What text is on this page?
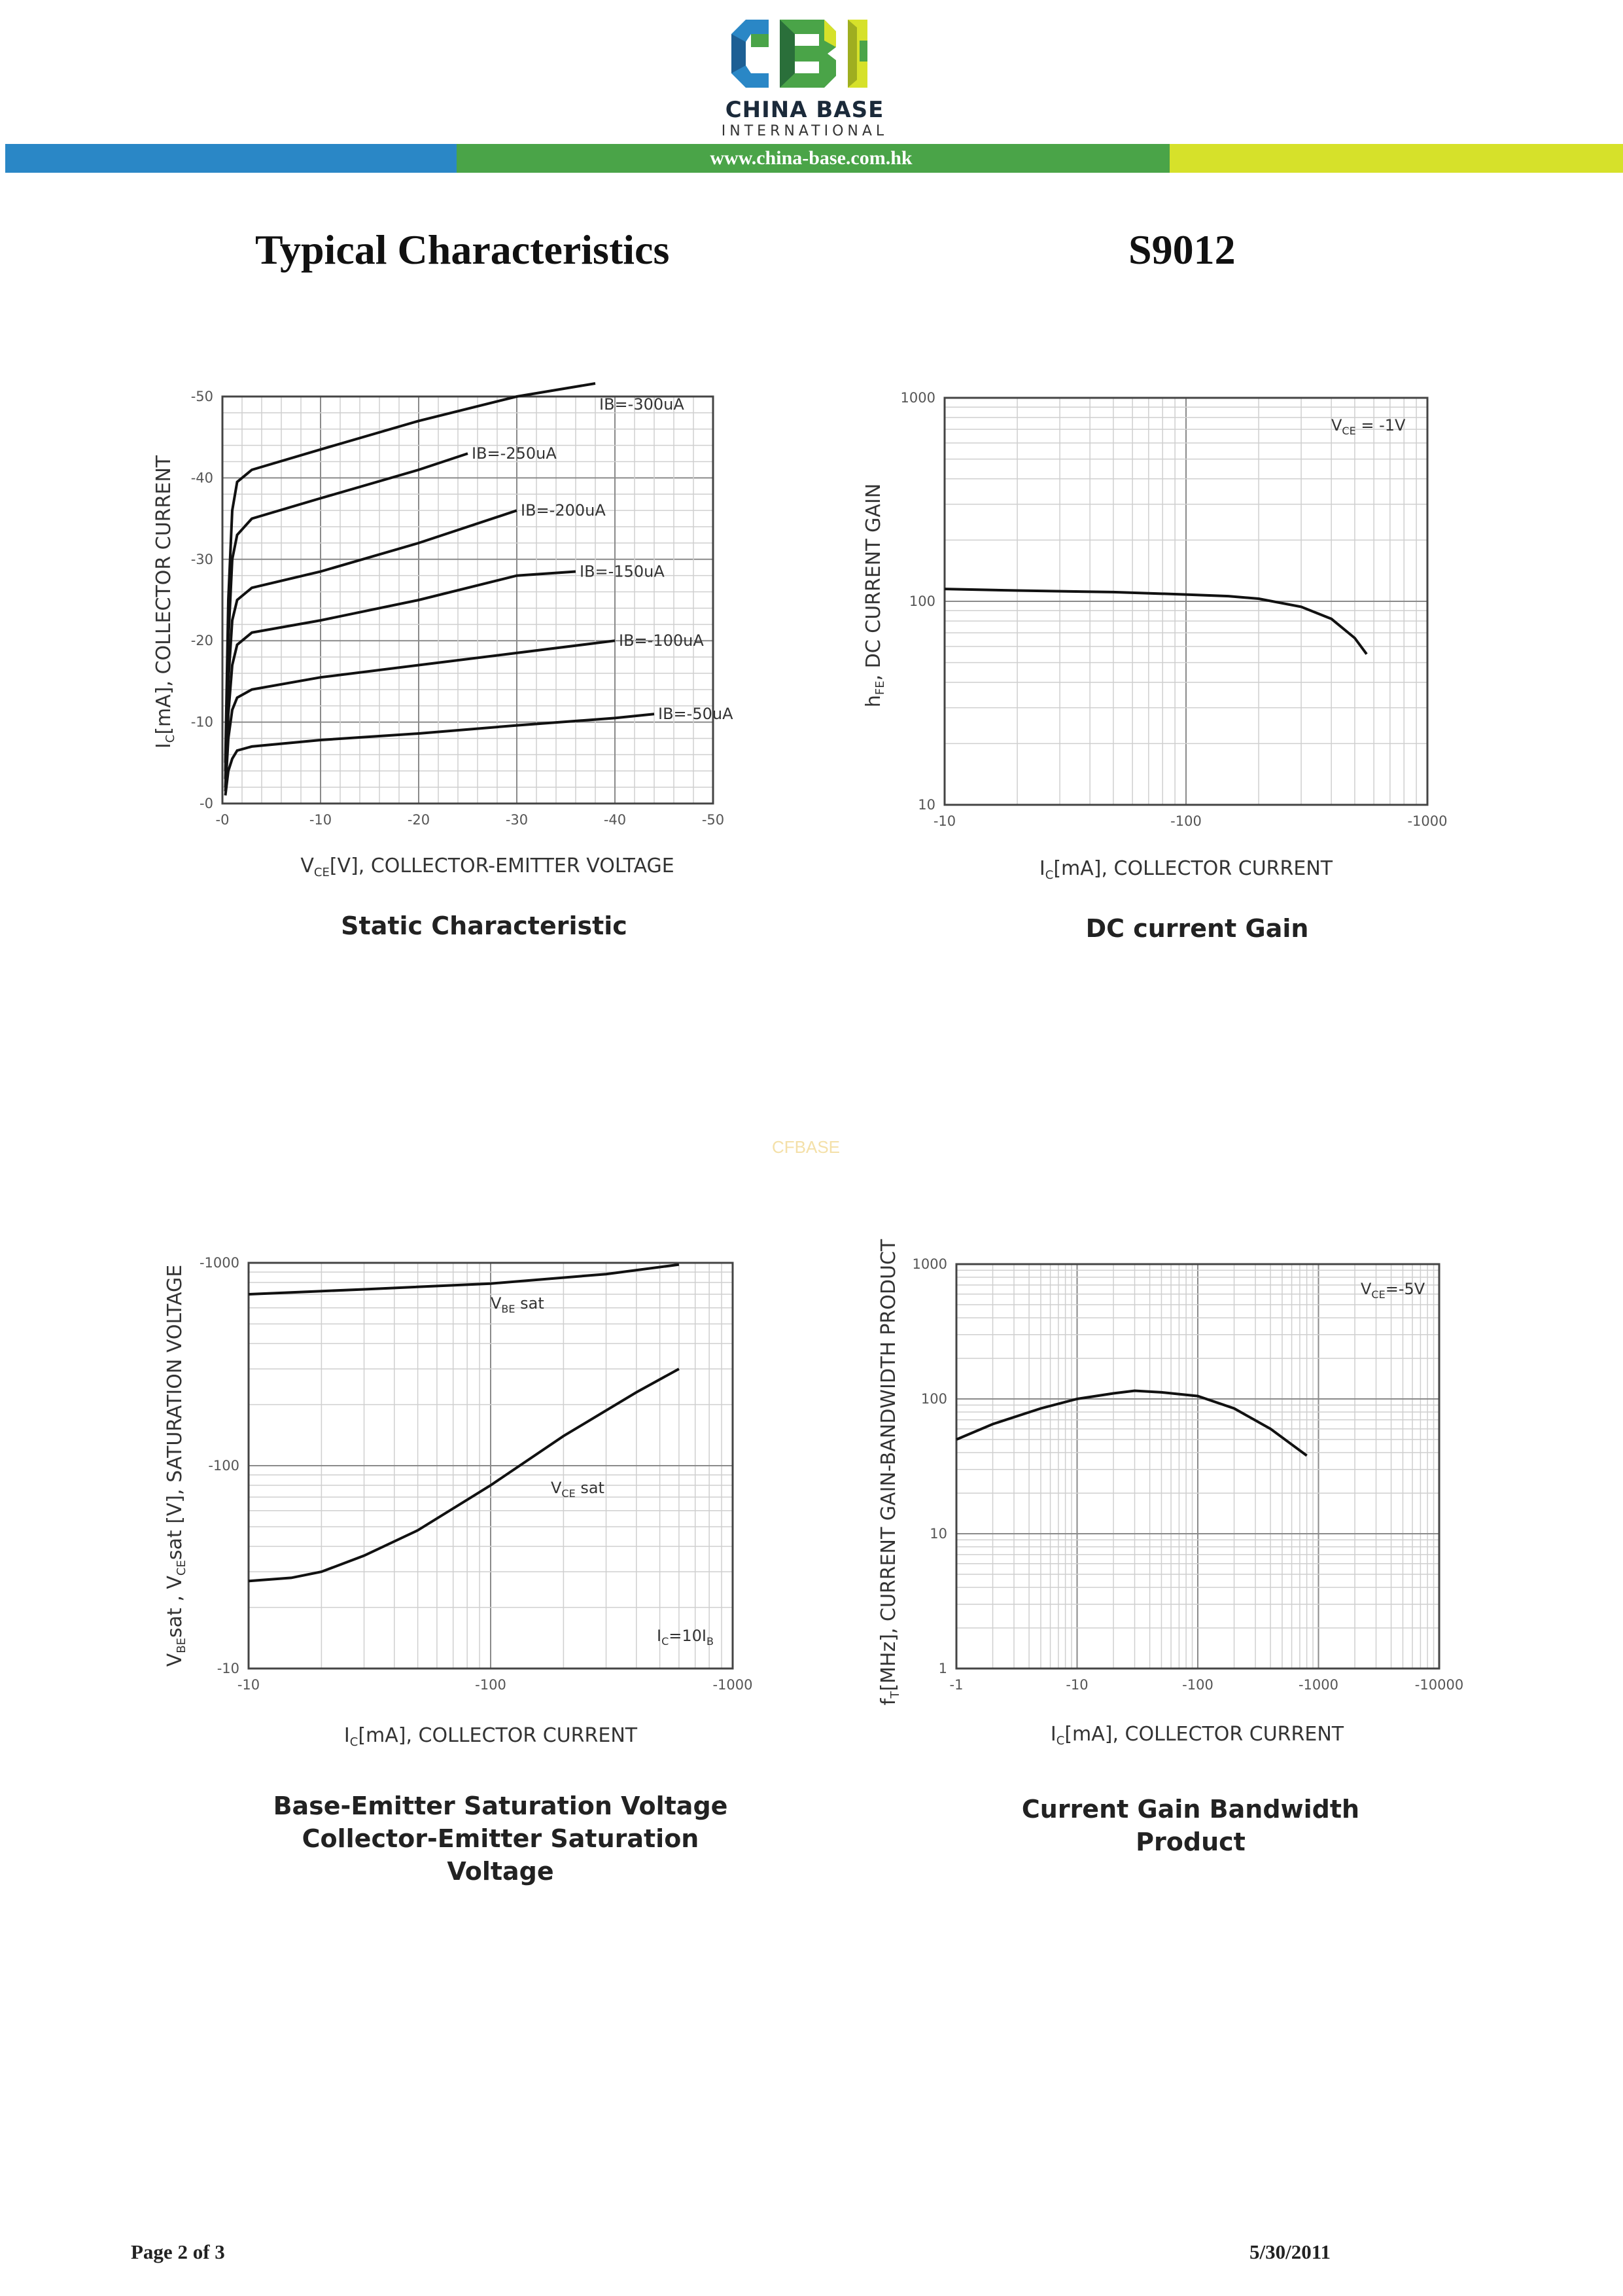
CHINA BASE
INTERNATIONAL
www.china-base.com.hk
Typical Characteristics	S9012
IB=-300uA
IB=-250uA
IB=-200uA
IB=-150uA
IB=-100uA
IB=-50uA
-0	-10	-20	-30	-40	-50
-0
-10
-20
-30
-40
-50
$V_{CE}[V]$, COLLECTOR-EMITTER VOLTAGE
$I_C[mA]$, COLLECTOR CURRENT
Static Characteristic
-10	-100	-1000
10
100
1000
$V_{CE} = -1V$
$I_C[mA]$, COLLECTOR CURRENT
$h_{FE}$, DC CURRENT GAIN
DC current Gain
CFBASE
-10	-100	-1000
-10
-100
-1000
$V_{BE}$ sat
$V_{CE}$ sat
$I_C=10I_B$
$I_C[mA]$, COLLECTOR CURRENT
$V_{BE}sat$ , $V_{CE}sat$ [V], SATURATION VOLTAGE
Base-Emitter Saturation Voltage
Collector-Emitter Saturation Voltage
-1	-10	-100	-1000	-10000
1
10
100
1000
$V_{CE}=-5V$
$I_C[mA]$, COLLECTOR CURRENT
$f_T[MHz]$, CURRENT GAIN-BANDWIDTH PRODUCT
Current Gain Bandwidth Product
Page 2 of 3	5/30/2011
